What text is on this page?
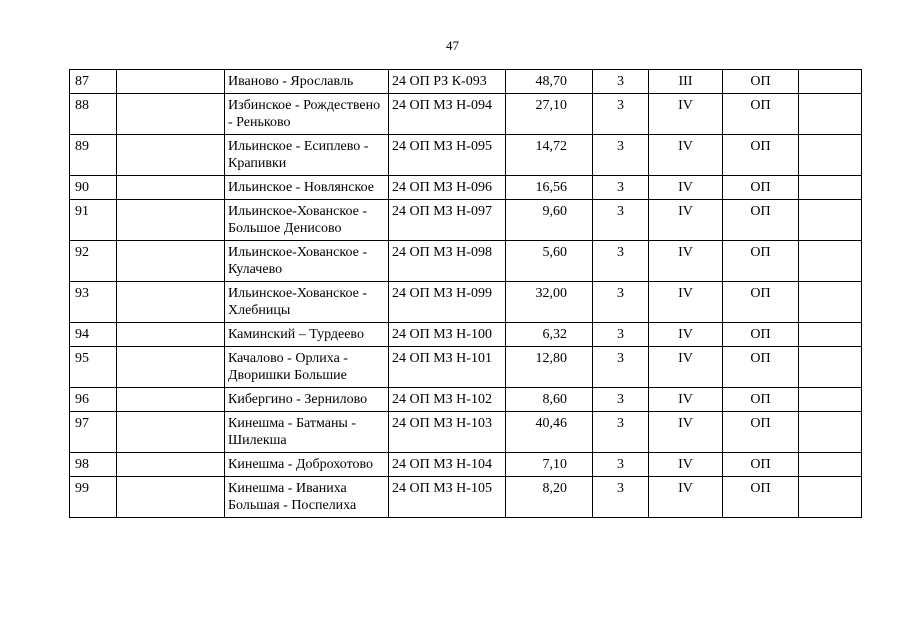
47
87		Иваново - Ярославль	24 ОП РЗ К-093	48,70	3	III	ОП	
88		Избинское - Рождествено - Реньково	24 ОП МЗ Н-094	27,10	3	IV	ОП	
89		Ильинское - Есиплево - Крапивки	24 ОП МЗ Н-095	14,72	3	IV	ОП	
90		Ильинское - Новлянское	24 ОП МЗ Н-096	16,56	3	IV	ОП	
91		Ильинское-Хованское - Большое Денисово	24 ОП МЗ Н-097	9,60	3	IV	ОП	
92		Ильинское-Хованское - Кулачево	24 ОП МЗ Н-098	5,60	3	IV	ОП	
93		Ильинское-Хованское - Хлебницы	24 ОП МЗ Н-099	32,00	3	IV	ОП	
94		Каминский – Турдеево	24 ОП МЗ Н-100	6,32	3	IV	ОП	
95		Качалово - Орлиха - Дворишки Большие	24 ОП МЗ Н-101	12,80	3	IV	ОП	
96		Кибергино - Зернилово	24 ОП МЗ Н-102	8,60	3	IV	ОП	
97		Кинешма - Батманы - Шилекша	24 ОП МЗ Н-103	40,46	3	IV	ОП	
98		Кинешма - Доброхотово	24 ОП МЗ Н-104	7,10	3	IV	ОП	
99		Кинешма - Иваниха Большая - Поспелиха	24 ОП МЗ Н-105	8,20	3	IV	ОП	
